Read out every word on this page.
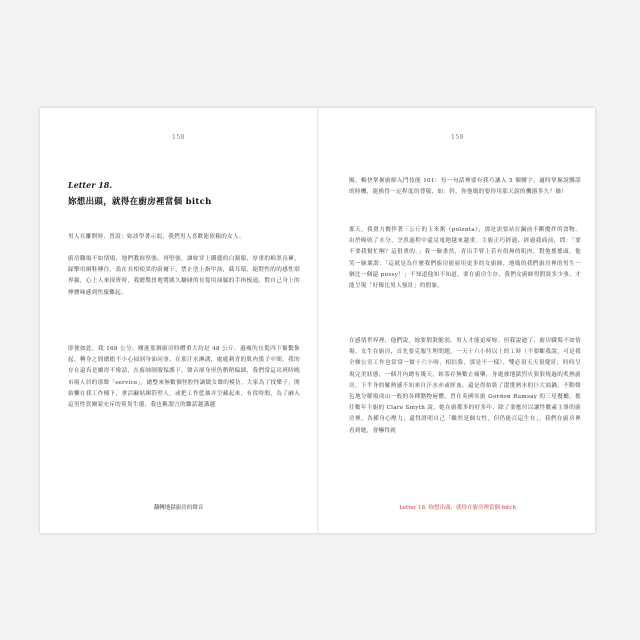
158
Letter 18.
妳想出頭，就得在廚房裡當個 bitch
男人在離開時，曾說：妳該學著示弱，我們男人喜歡能依賴的女人。
廚房職場不如情場，地們教妳堅強。再堅強。讓妳穿上鐵麗的白制服，厚重的棉黑長褲，踩擊用網鞋睡住，蓋在長相使異的蔚爾下，禁止塗上指甲油，截耳環，絕對性的的感性別界線，心上人來探班時，我總驚扭地將蹊久鋤碰的長髮用油膩的手指梳通，對自己身上的煙燻味感到焦旅難起。
即便如此，我 168 公分，剛進那個廚房時體重大約是 48 公斤，過瘦的長髮四下緊繫紮起，轉身之間總擔不小心掃到身油同事。在那汗水淋漓，處處刺青的肌肉漢子中間，我的存在還真是嬌得不像話，在廚師制服保護下，聲音卻身形仍稍稍偏細，我們常這出班時晚市場人員的那聲「service」，總整來無數個怪腔怪調做女聲的模仿。大家為了找樂子，開始懶在我工作檯下，拿活鹼貼錫箔壁人，或把工作藍抽弄空藏起來，有段時間，為了融入這男性賀爾蒙充斥的荷異生態，我也稱謂言的雛話越講越
翻轉地獄廚房的聲音
159
順，暢快掌握廚師入門技能 101：每一句話裡要有我巧讓入 5 個髒字，適時掌握說髒話的時機，能換得一定程度的尊敬，如：幹，你他媽的要你用那天說的機器多久？操！
那天，我賣力攪拌著三公斤的玉米粥（polenta），那是需要站在鍋前不斷攪拌的食物，由於吸收了水分，烹煮過程中還見電地越來越重。主廚正巧經過，經過我面前，問：「要不要我幫忙啊？這很重的。」我一臉畫然，青出手臂上若有似無的肌肉，對他搖搖頭，他笑一臉壞謂：「這就是為什麼我們廚房能雇用更多的女廚師，地媽的我們廚房裡的男生一個比一個還 pussy！」不知道他知不知道，要在廚房生存，我們女廚師得假裝多少事，才能呈現「好像比男人強壯」的假象。
在感情世界裡，他們說，妳要假裝脆弱，男人才能更疼妳。但我說過了，廚房職場不如情場，女生在廚房，首先要克服生理問題，一天十六小時以上的工時（不要斷我說，可是我全辦公室工作也常常一做十六小時，相信我，那是不一樣），雙必須天天很健壯，時時呈現完美狀態，一個月內總有幾天，妳茶存無數止痛藥，身處被地獄烈火狠狠燒過的炙熱廚房，下半身的羅熱感不知來自汗水亦或經血，還是得拍裝了滾燙熱水的巨大湯鍋，不動聲色地分解場成山一般的各種動物屍體。曾在英國名廚 Gordon Ramsay 的三星餐廳，擔任數年主廚的 Clare Smyth 說，她在廚都多的好多年，除了要應付以讓性數素主導的廚房裡，各種身心壓力，還得證明自己「雖然是個女性，但仍能百這生存」，我們在廚房裡看到她，會嚇得就
Letter 18. 妳想出頭，就得在廚房裡當個 bitch
